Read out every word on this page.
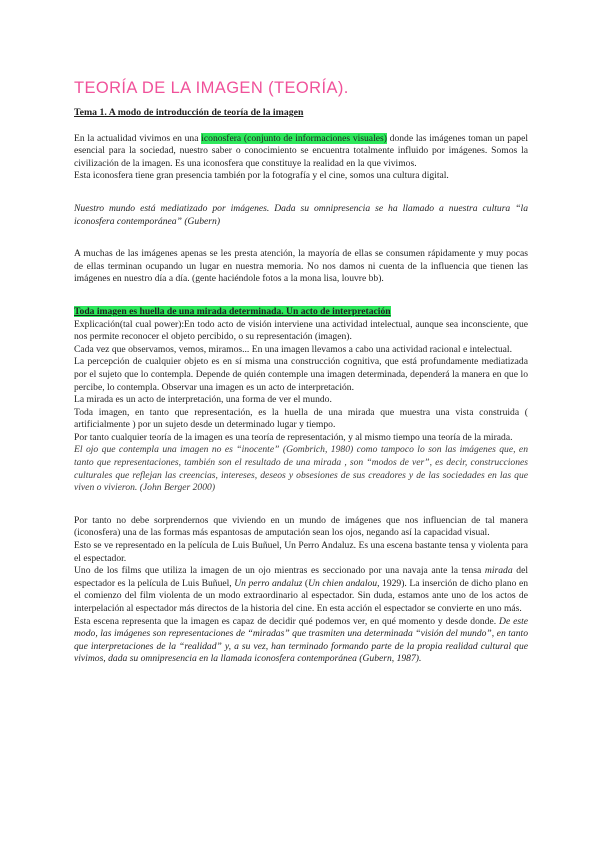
TEORÍA DE LA IMAGEN (TEORÍA).

Tema 1. A modo de introducción de teoría de la imagen

En la actualidad vivimos en una iconosfera (conjunto de informaciones visuales) donde las imágenes toman un papel esencial para la sociedad, nuestro saber o conocimiento se encuentra totalmente influido por imágenes. Somos la civilización de la imagen. Es una iconosfera que constituye la realidad en la que vivimos.

Esta iconosfera tiene gran presencia también por la fotografía y el cine, somos una cultura digital.

Nuestro mundo está mediatizado por imágenes. Dada su omnipresencia se ha llamado a nuestra cultura “la iconosfera contemporánea” (Gubern)

A muchas de las imágenes apenas se les presta atención, la mayoría de ellas se consumen rápidamente y muy pocas de ellas terminan ocupando un lugar en nuestra memoria. No nos damos ni cuenta de la influencia que tienen las imágenes en nuestro día a día. (gente haciéndole fotos a la mona lisa, louvre bb).

Toda imagen es huella de una mirada determinada. Un acto de interpretación

Explicación(tal cual power):En todo acto de visión interviene una actividad intelectual, aunque sea inconsciente, que nos permite reconocer el objeto percibido, o su representación (imagen).

Cada vez que observamos, vemos, miramos... En una imagen llevamos a cabo una actividad racional e intelectual.

La percepción de cualquier objeto es en sí misma una construcción cognitiva, que está profundamente mediatizada por el sujeto que lo contempla. Depende de quién contemple una imagen determinada, dependerá la manera en que lo percibe, lo contempla. Observar una imagen es un acto de interpretación.

La mirada es un acto de interpretación, una forma de ver el mundo.

Toda imagen, en tanto que representación, es la huella de una mirada que muestra una vista construida ( artificialmente ) por un sujeto desde un determinado lugar y tiempo.

Por tanto cualquier teoría de la imagen es una teoría de representación, y al mismo tiempo una teoría de la mirada.

El ojo que contempla una imagen no es “inocente” (Gombrich, 1980) como tampoco lo son las imágenes que, en tanto que representaciones, también son el resultado de una mirada , son “modos de ver”, es decir, construcciones culturales que reflejan las creencias, intereses, deseos y obsesiones de sus creadores y de las sociedades en las que viven o vivieron. (John Berger 2000)

Por tanto no debe sorprendernos que viviendo en un mundo de imágenes que nos influencian de tal manera (iconosfera) una de las formas más espantosas de amputación sean los ojos, negando así la capacidad visual.

Esto se ve representado en la película de Luis Buñuel, Un Perro Andaluz. Es una escena bastante tensa y violenta para el espectador.

Uno de los films que utiliza la imagen de un ojo mientras es seccionado por una navaja ante la tensa mirada del espectador es la película de Luis Buñuel, Un perro andaluz (Un chien andalou, 1929). La inserción de dicho plano en el comienzo del film violenta de un modo extraordinario al espectador. Sin duda, estamos ante uno de los actos de interpelación al espectador más directos de la historia del cine. En esta acción el espectador se convierte en uno más.

Esta escena representa que la imagen es capaz de decidir qué podemos ver, en qué momento y desde donde. De este modo, las imágenes son representaciones de “miradas” que trasmiten una determinada “visión del mundo”, en tanto que interpretaciones de la “realidad” y, a su vez, han terminado formando parte de la propia realidad cultural que vivimos, dada su omnipresencia en la llamada iconosfera contemporánea (Gubern, 1987).
